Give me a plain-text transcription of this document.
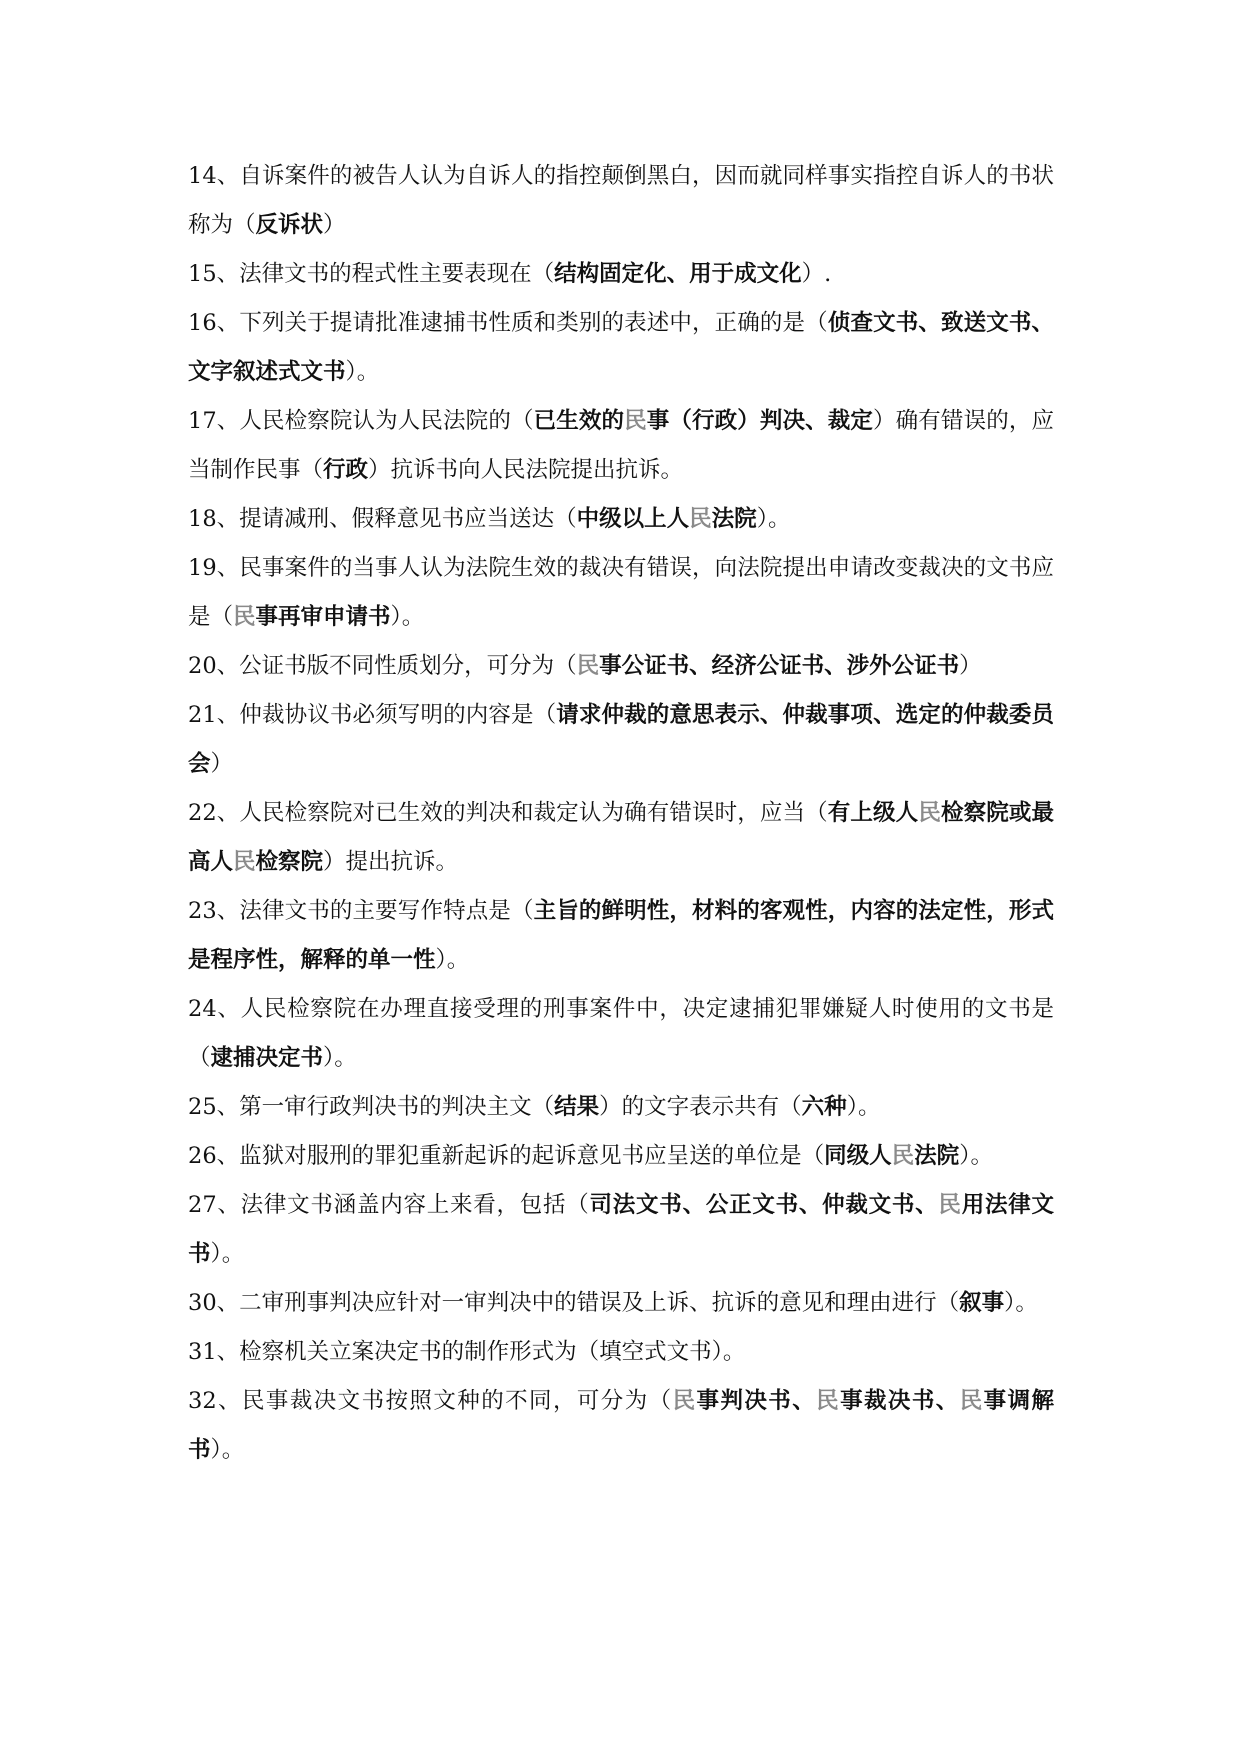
14、自诉案件的被告人认为自诉人的指控颠倒黑白，因而就同样事实指控自诉人的书状称为（反诉状）

15、法律文书的程式性主要表现在（结构固定化、用于成文化）.

16、下列关于提请批准逮捕书性质和类别的表述中，正确的是（侦查文书、致送文书、文字叙述式文书）。

17、人民检察院认为人民法院的（已生效的民事（行政）判决、裁定）确有错误的，应当制作民事（行政）抗诉书向人民法院提出抗诉。

18、提请减刑、假释意见书应当送达（中级以上人民法院）。

19、民事案件的当事人认为法院生效的裁决有错误，向法院提出申请改变裁决的文书应是（民事再审申请书）。

20、公证书版不同性质划分，可分为（民事公证书、经济公证书、涉外公证书）

21、仲裁协议书必须写明的内容是（请求仲裁的意思表示、仲裁事项、选定的仲裁委员会）

22、人民检察院对已生效的判决和裁定认为确有错误时，应当（有上级人民检察院或最高人民检察院）提出抗诉。

23、法律文书的主要写作特点是（主旨的鲜明性，材料的客观性，内容的法定性，形式是程序性，解释的单一性）。

24、人民检察院在办理直接受理的刑事案件中，决定逮捕犯罪嫌疑人时使用的文书是（逮捕决定书）。

25、第一审行政判决书的判决主文（结果）的文字表示共有（六种）。

26、监狱对服刑的罪犯重新起诉的起诉意见书应呈送的单位是（同级人民法院）。

27、法律文书涵盖内容上来看，包括（司法文书、公正文书、仲裁文书、民用法律文书）。

30、二审刑事判决应针对一审判决中的错误及上诉、抗诉的意见和理由进行（叙事）。

31、检察机关立案决定书的制作形式为（填空式文书）。

32、民事裁决文书按照文种的不同，可分为（民事判决书、民事裁决书、民事调解书）。
